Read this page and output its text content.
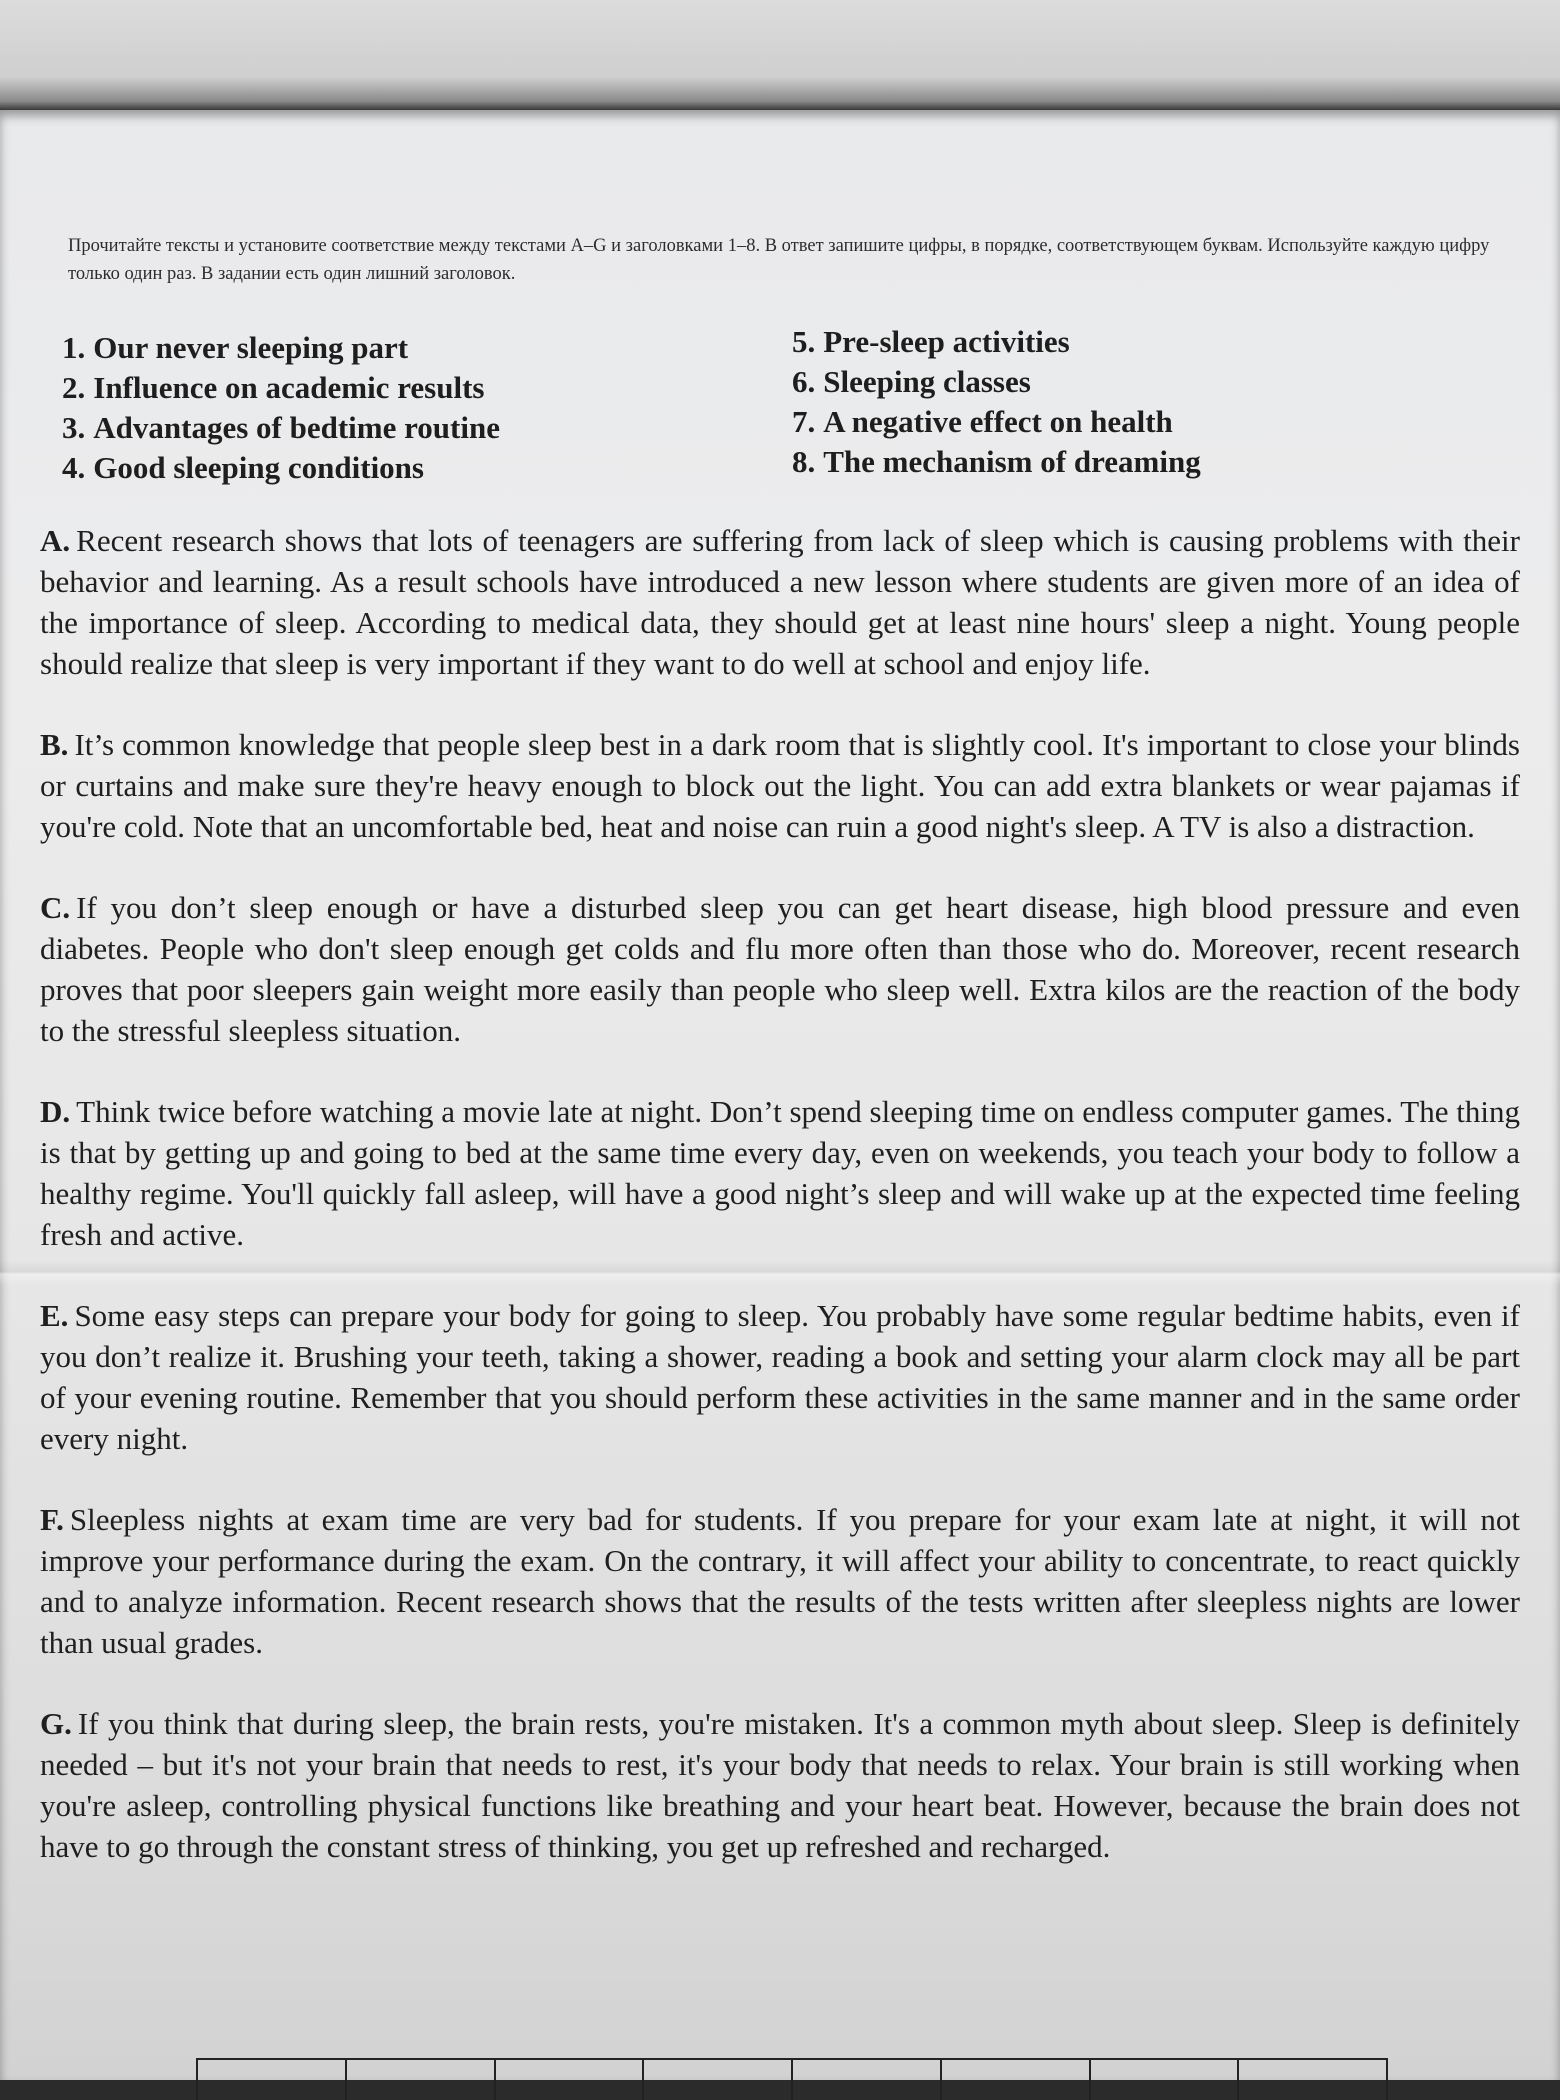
Прочитайте тексты и установите соответствие между текстами A–G и заголовками 1–8. В ответ запишите цифры, в порядке, соответствующем буквам. Используйте каждую цифру только один раз. В задании есть один лишний заголовок.
1. Our never sleeping part
2. Influence on academic results
3. Advantages of bedtime routine
4. Good sleeping conditions
5. Pre-sleep activities
6. Sleeping classes
7. A negative effect on health
8. The mechanism of dreaming

A. Recent research shows that lots of teenagers are suffering from lack of sleep which is causing problems with their behavior and learning. As a result schools have introduced a new lesson where students are given more of an idea of the importance of sleep. According to medical data, they should get at least nine hours' sleep a night. Young people should realize that sleep is very important if they want to do well at school and enjoy life.

B. It’s common knowledge that people sleep best in a dark room that is slightly cool. It's important to close your blinds or curtains and make sure they're heavy enough to block out the light. You can add extra blankets or wear pajamas if you're cold. Note that an uncomfortable bed, heat and noise can ruin a good night's sleep. A TV is also a distraction.

C. If you don’t sleep enough or have a disturbed sleep you can get heart disease, high blood pressure and even diabetes. People who don't sleep enough get colds and flu more often than those who do. Moreover, recent research proves that poor sleepers gain weight more easily than people who sleep well. Extra kilos are the reaction of the body to the stressful sleepless situation.

D. Think twice before watching a movie late at night. Don’t spend sleeping time on endless computer games. The thing is that by getting up and going to bed at the same time every day, even on weekends, you teach your body to follow a healthy regime. You'll quickly fall asleep, will have a good night’s sleep and will wake up at the expected time feeling fresh and active.

E. Some easy steps can prepare your body for going to sleep. You probably have some regular bedtime habits, even if you don’t realize it. Brushing your teeth, taking a shower, reading a book and setting your alarm clock may all be part of your evening routine. Remember that you should perform these activities in the same manner and in the same order every night.

F. Sleepless nights at exam time are very bad for students. If you prepare for your exam late at night, it will not improve your performance during the exam. On the contrary, it will affect your ability to concentrate, to react quickly and to analyze information. Recent research shows that the results of the tests written after sleepless nights are lower than usual grades.

G. If you think that during sleep, the brain rests, you're mistaken. It's a common myth about sleep. Sleep is definitely needed – but it's not your brain that needs to rest, it's your body that needs to relax. Your brain is still working when you're asleep, controlling physical functions like breathing and your heart beat. However, because the brain does not have to go through the constant stress of thinking, you get up refreshed and recharged.
